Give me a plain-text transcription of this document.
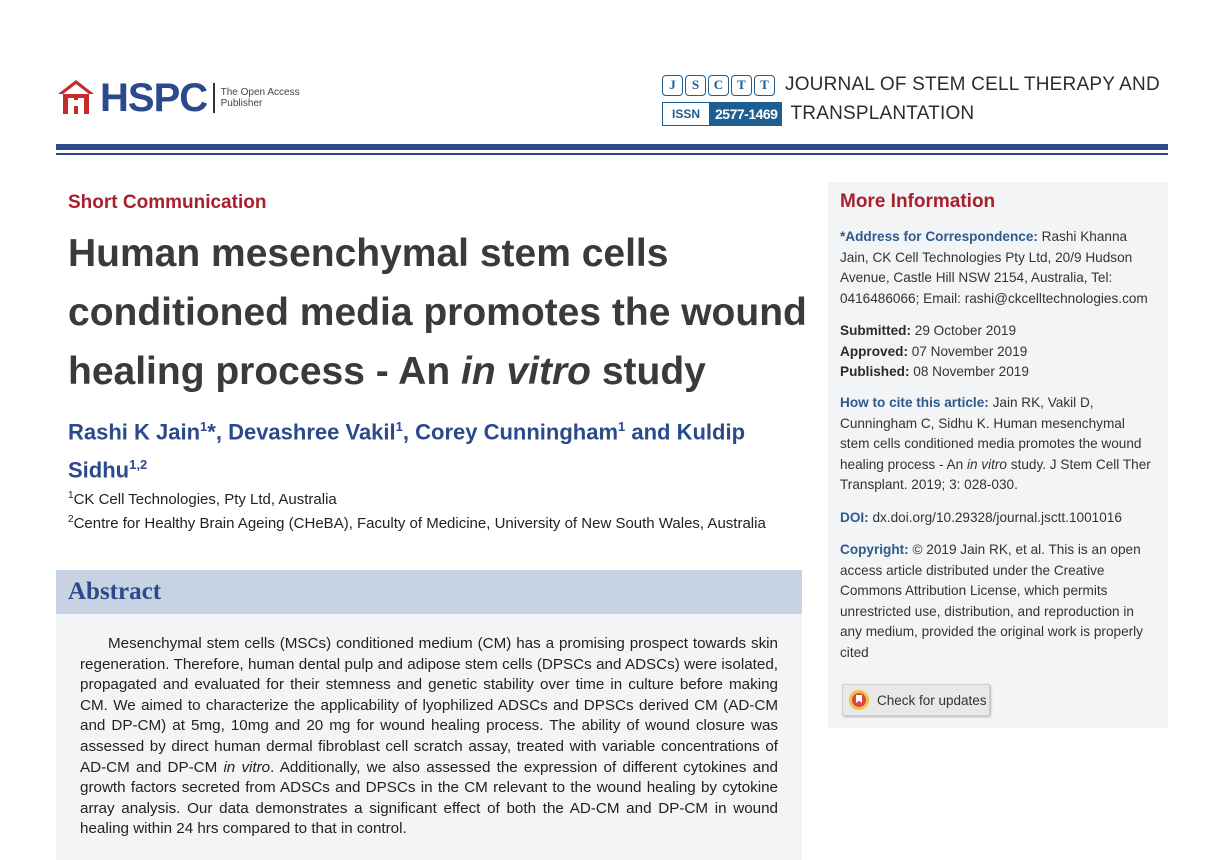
HSPC The Open Access Publisher
J	S	C	T	T JOURNAL OF STEM CELL THERAPY AND
ISSN	2577-1469 TRANSPLANTATION
Short Communication
Human mesenchymal stem cells conditioned media promotes the wound healing process - An in vitro study
Rashi K Jain$^1$*, Devashree Vakil$^1$, Corey Cunningham$^1$ and Kuldip Sidhu$^{1,2}$
$^1$CK Cell Technologies, Pty Ltd, Australia
$^2$Centre for Healthy Brain Ageing (CHeBA), Faculty of Medicine, University of New South Wales, Australia
Abstract

Mesenchymal stem cells (MSCs) conditioned medium (CM) has a promising prospect towards skin regeneration. Therefore, human dental pulp and adipose stem cells (DPSCs and ADSCs) were isolated, propagated and evaluated for their stemness and genetic stability over time in culture before making CM. We aimed to characterize the applicability of lyophilized ADSCs and DPSCs derived CM (AD-CM and DP-CM) at 5mg, 10mg and 20 mg for wound healing process. The ability of wound closure was assessed by direct human dermal fibroblast cell scratch assay, treated with variable concentrations of AD-CM and DP-CM in vitro. Additionally, we also assessed the expression of different cytokines and growth factors secreted from ADSCs and DPSCs in the CM relevant to the wound healing by cytokine array analysis. Our data demonstrates a significant effect of both the AD-CM and DP-CM in wound healing within 24 hrs compared to that in control.

More Information
*Address for Correspondence: Rashi Khanna Jain, CK Cell Technologies Pty Ltd, 20/9 Hudson Avenue, Castle Hill NSW 2154, Australia, Tel: 0416486066; Email: rashi@ckcelltechnologies.com
Submitted: 29 October 2019
Approved: 07 November 2019
Published: 08 November 2019
How to cite this article: Jain RK, Vakil D, Cunningham C, Sidhu K. Human mesenchymal stem cells conditioned media promotes the wound healing process - An in vitro study. J Stem Cell Ther Transplant. 2019; 3: 028-030.
DOI: dx.doi.org/10.29328/journal.jsctt.1001016
Copyright: © 2019 Jain RK, et al. This is an open access article distributed under the Creative Commons Attribution License, which permits unrestricted use, distribution, and reproduction in any medium, provided the original work is properly cited
Check for updates
